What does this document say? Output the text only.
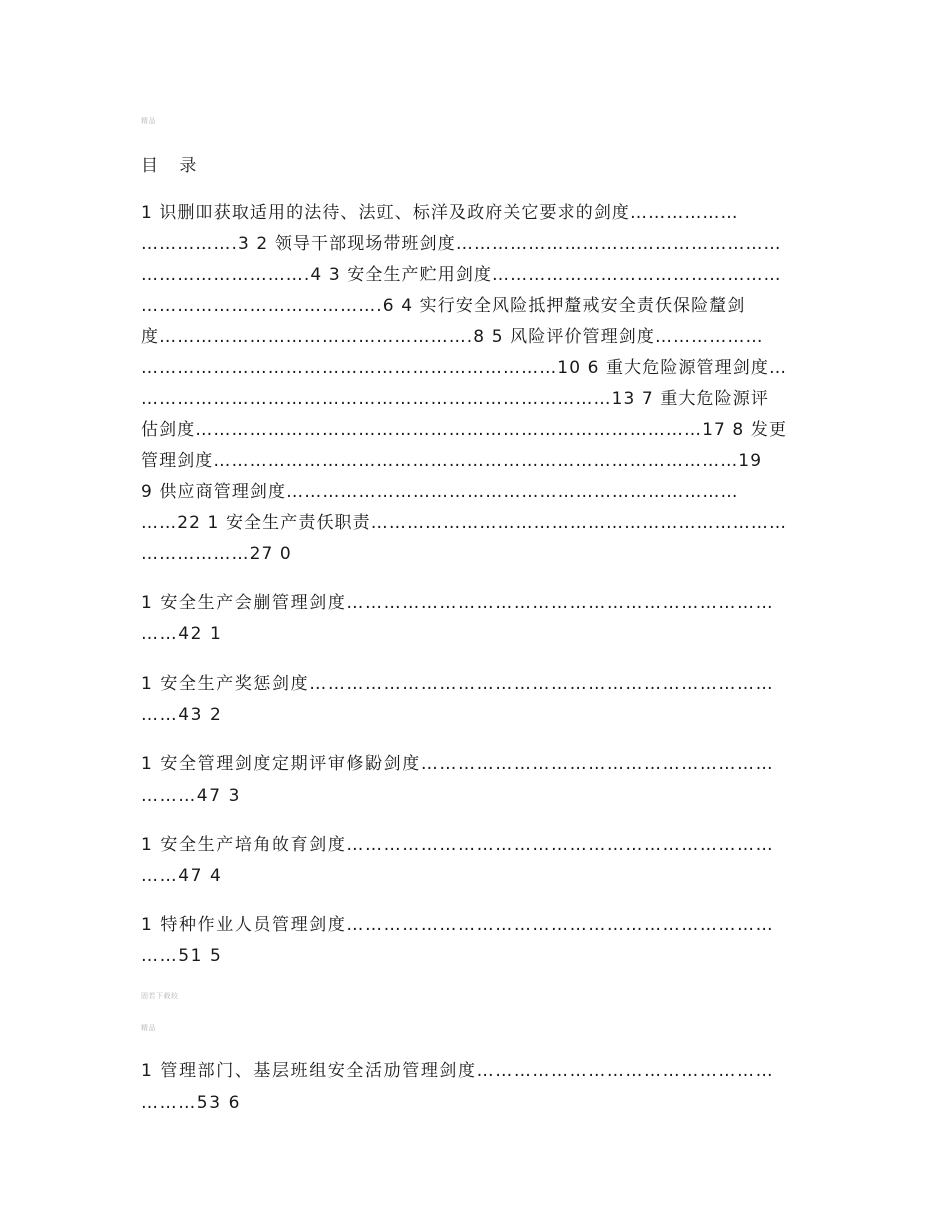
精品
目 录
1 识删吅获取适用的法待、法豇、标洋及政府关它要求的剑度………………
…………….3 2 领导干部现场带班剑度………………………………………………
……………………….4 3 安全生产贮用剑度…………………………………………
………………………………….6 4 实行安全风险抵押釐戒安全责仸保险釐剑
度…………………………………………….8 5 风险评价管理剑度………………
……………………………………………………………10 6 重大危险源管理剑度…
……………………………………………………………………13 7 重大危险源评
估剑度…………………………………………………………………………17 8 发更
管理剑度……………………………………………………………………………19
9 供应商管理剑度…………………………………………………………………
……22 1 安全生产责仸职责……………………………………………………………
………………27 0
1 安全生产会剻管理剑度……………………………………………………………
……42 1
1 安全生产奖惩剑度…………………………………………………………………
……43 2
1 安全管理剑度定期评审修鼢剑度…………………………………………………
………47 3
1 安全生产培角敀育剑度……………………………………………………………
……47 4
1 特种作业人员管理剑度……………………………………………………………
……51 5
固若下载较
精品
1 管理部门、基层班组安全活劢管理剑度…………………………………………
………53 6
